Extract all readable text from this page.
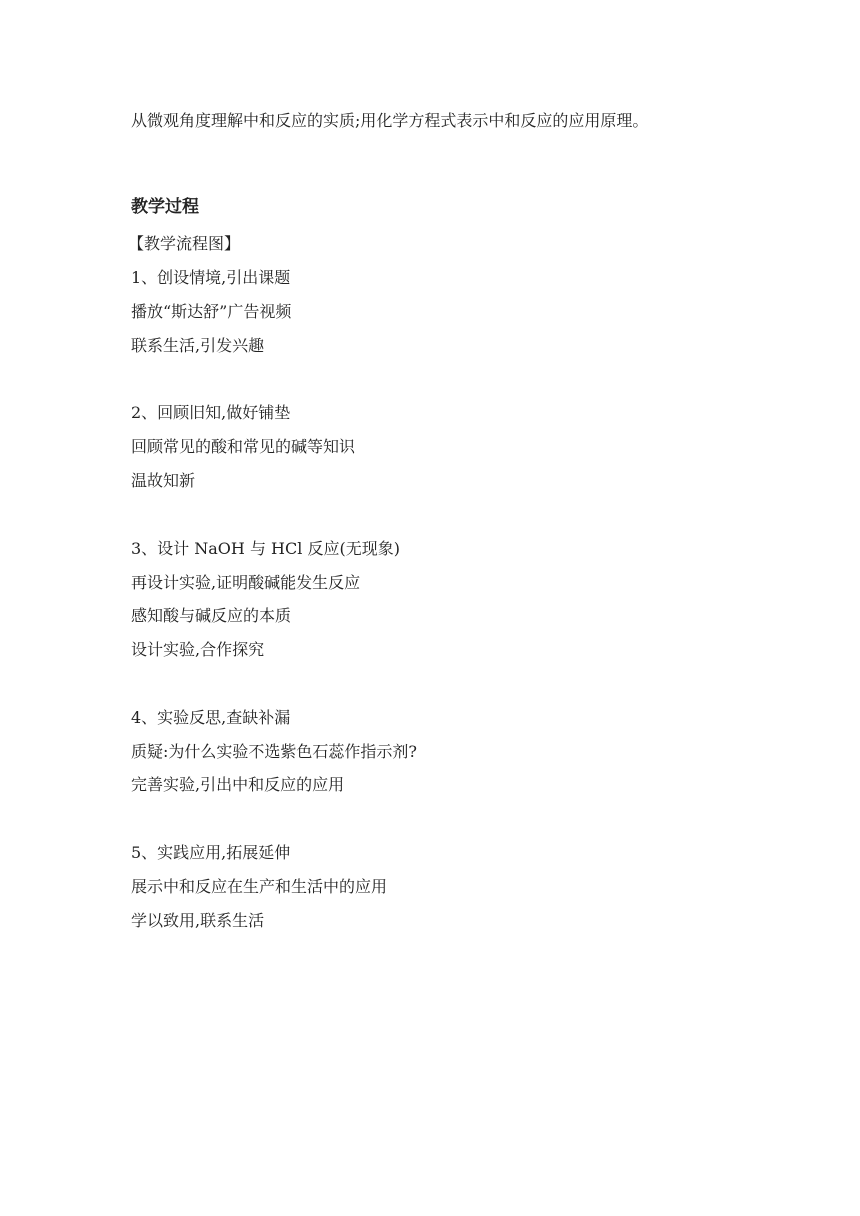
从微观角度理解中和反应的实质;用化学方程式表示中和反应的应用原理。
教学过程
【教学流程图】
1、创设情境,引出课题
播放“斯达舒”广告视频
联系生活,引发兴趣
2、回顾旧知,做好铺垫
回顾常见的酸和常见的碱等知识
温故知新
3、设计 NaOH 与 HCl 反应(无现象)
再设计实验,证明酸碱能发生反应
感知酸与碱反应的本质
设计实验,合作探究
4、实验反思,查缺补漏
质疑:为什么实验不选紫色石蕊作指示剂?
完善实验,引出中和反应的应用
5、实践应用,拓展延伸
展示中和反应在生产和生活中的应用
学以致用,联系生活
